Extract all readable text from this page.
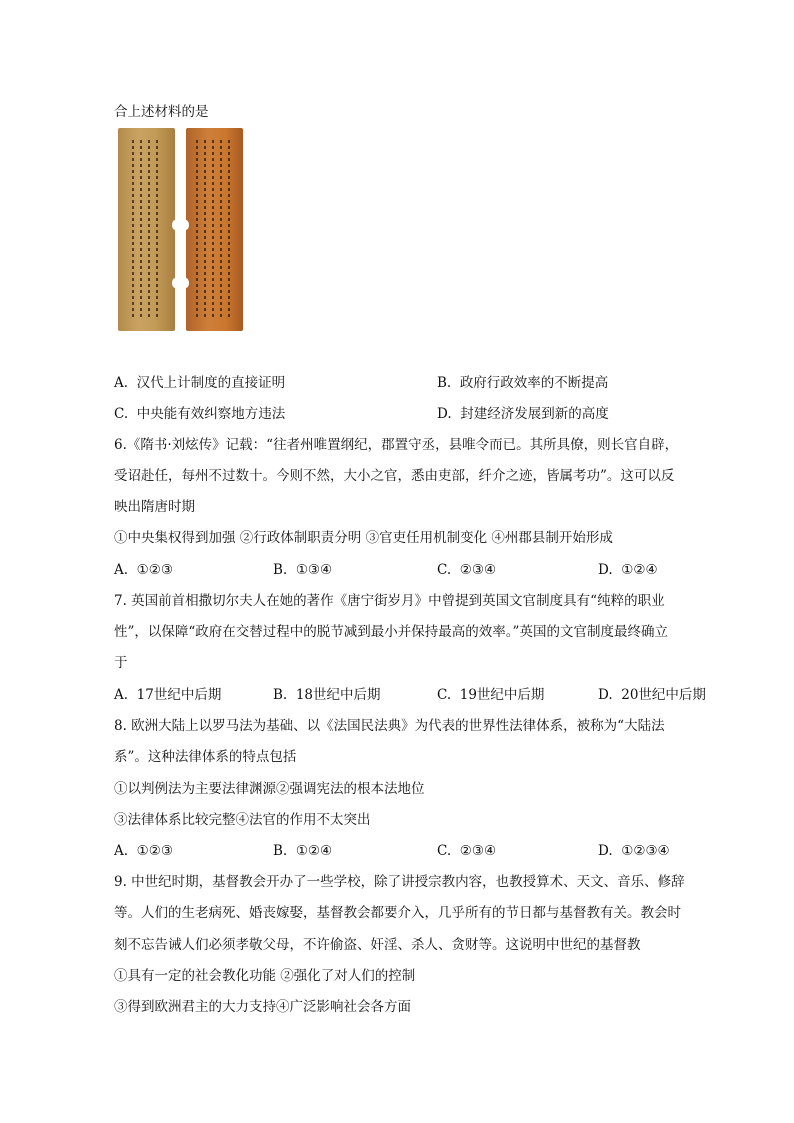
合上述材料的是
A. 汉代上计制度的直接证明	B. 政府行政效率的不断提高
C. 中央能有效纠察地方违法	D. 封建经济发展到新的高度
6.《隋书·刘炫传》记载：“往者州唯置纲纪，郡置守丞，县唯令而已。其所具僚，则长官自辟，
受诏赴任，每州不过数十。今则不然，大小之官，悉由吏部，纤介之迹，皆属考功”。这可以反
映出隋唐时期
①中央集权得到加强 ②行政体制职责分明 ③官吏任用机制变化 ④州郡县制开始形成
A. ①②③	B. ①③④	C. ②③④	D. ①②④
7. 英国前首相撒切尔夫人在她的著作《唐宁街岁月》中曾提到英国文官制度具有“纯粹的职业
性”，以保障“政府在交替过程中的脱节减到最小并保持最高的效率。”英国的文官制度最终确立
于
A. 17世纪中后期	B. 18世纪中后期	C. 19世纪中后期	D. 20世纪中后期
8. 欧洲大陆上以罗马法为基础、以《法国民法典》为代表的世界性法律体系，被称为“大陆法
系”。这种法律体系的特点包括
①以判例法为主要法律渊源②强调宪法的根本法地位
③法律体系比较完整④法官的作用不太突出
A. ①②③	B. ①②④	C. ②③④	D. ①②③④
9. 中世纪时期，基督教会开办了一些学校，除了讲授宗教内容，也教授算术、天文、音乐、修辞
等。人们的生老病死、婚丧嫁娶，基督教会都要介入，几乎所有的节日都与基督教有关。教会时
刻不忘告诫人们必须孝敬父母，不许偷盗、奸淫、杀人、贪财等。这说明中世纪的基督教
①具有一定的社会教化功能 ②强化了对人们的控制
③得到欧洲君主的大力支持④广泛影响社会各方面
